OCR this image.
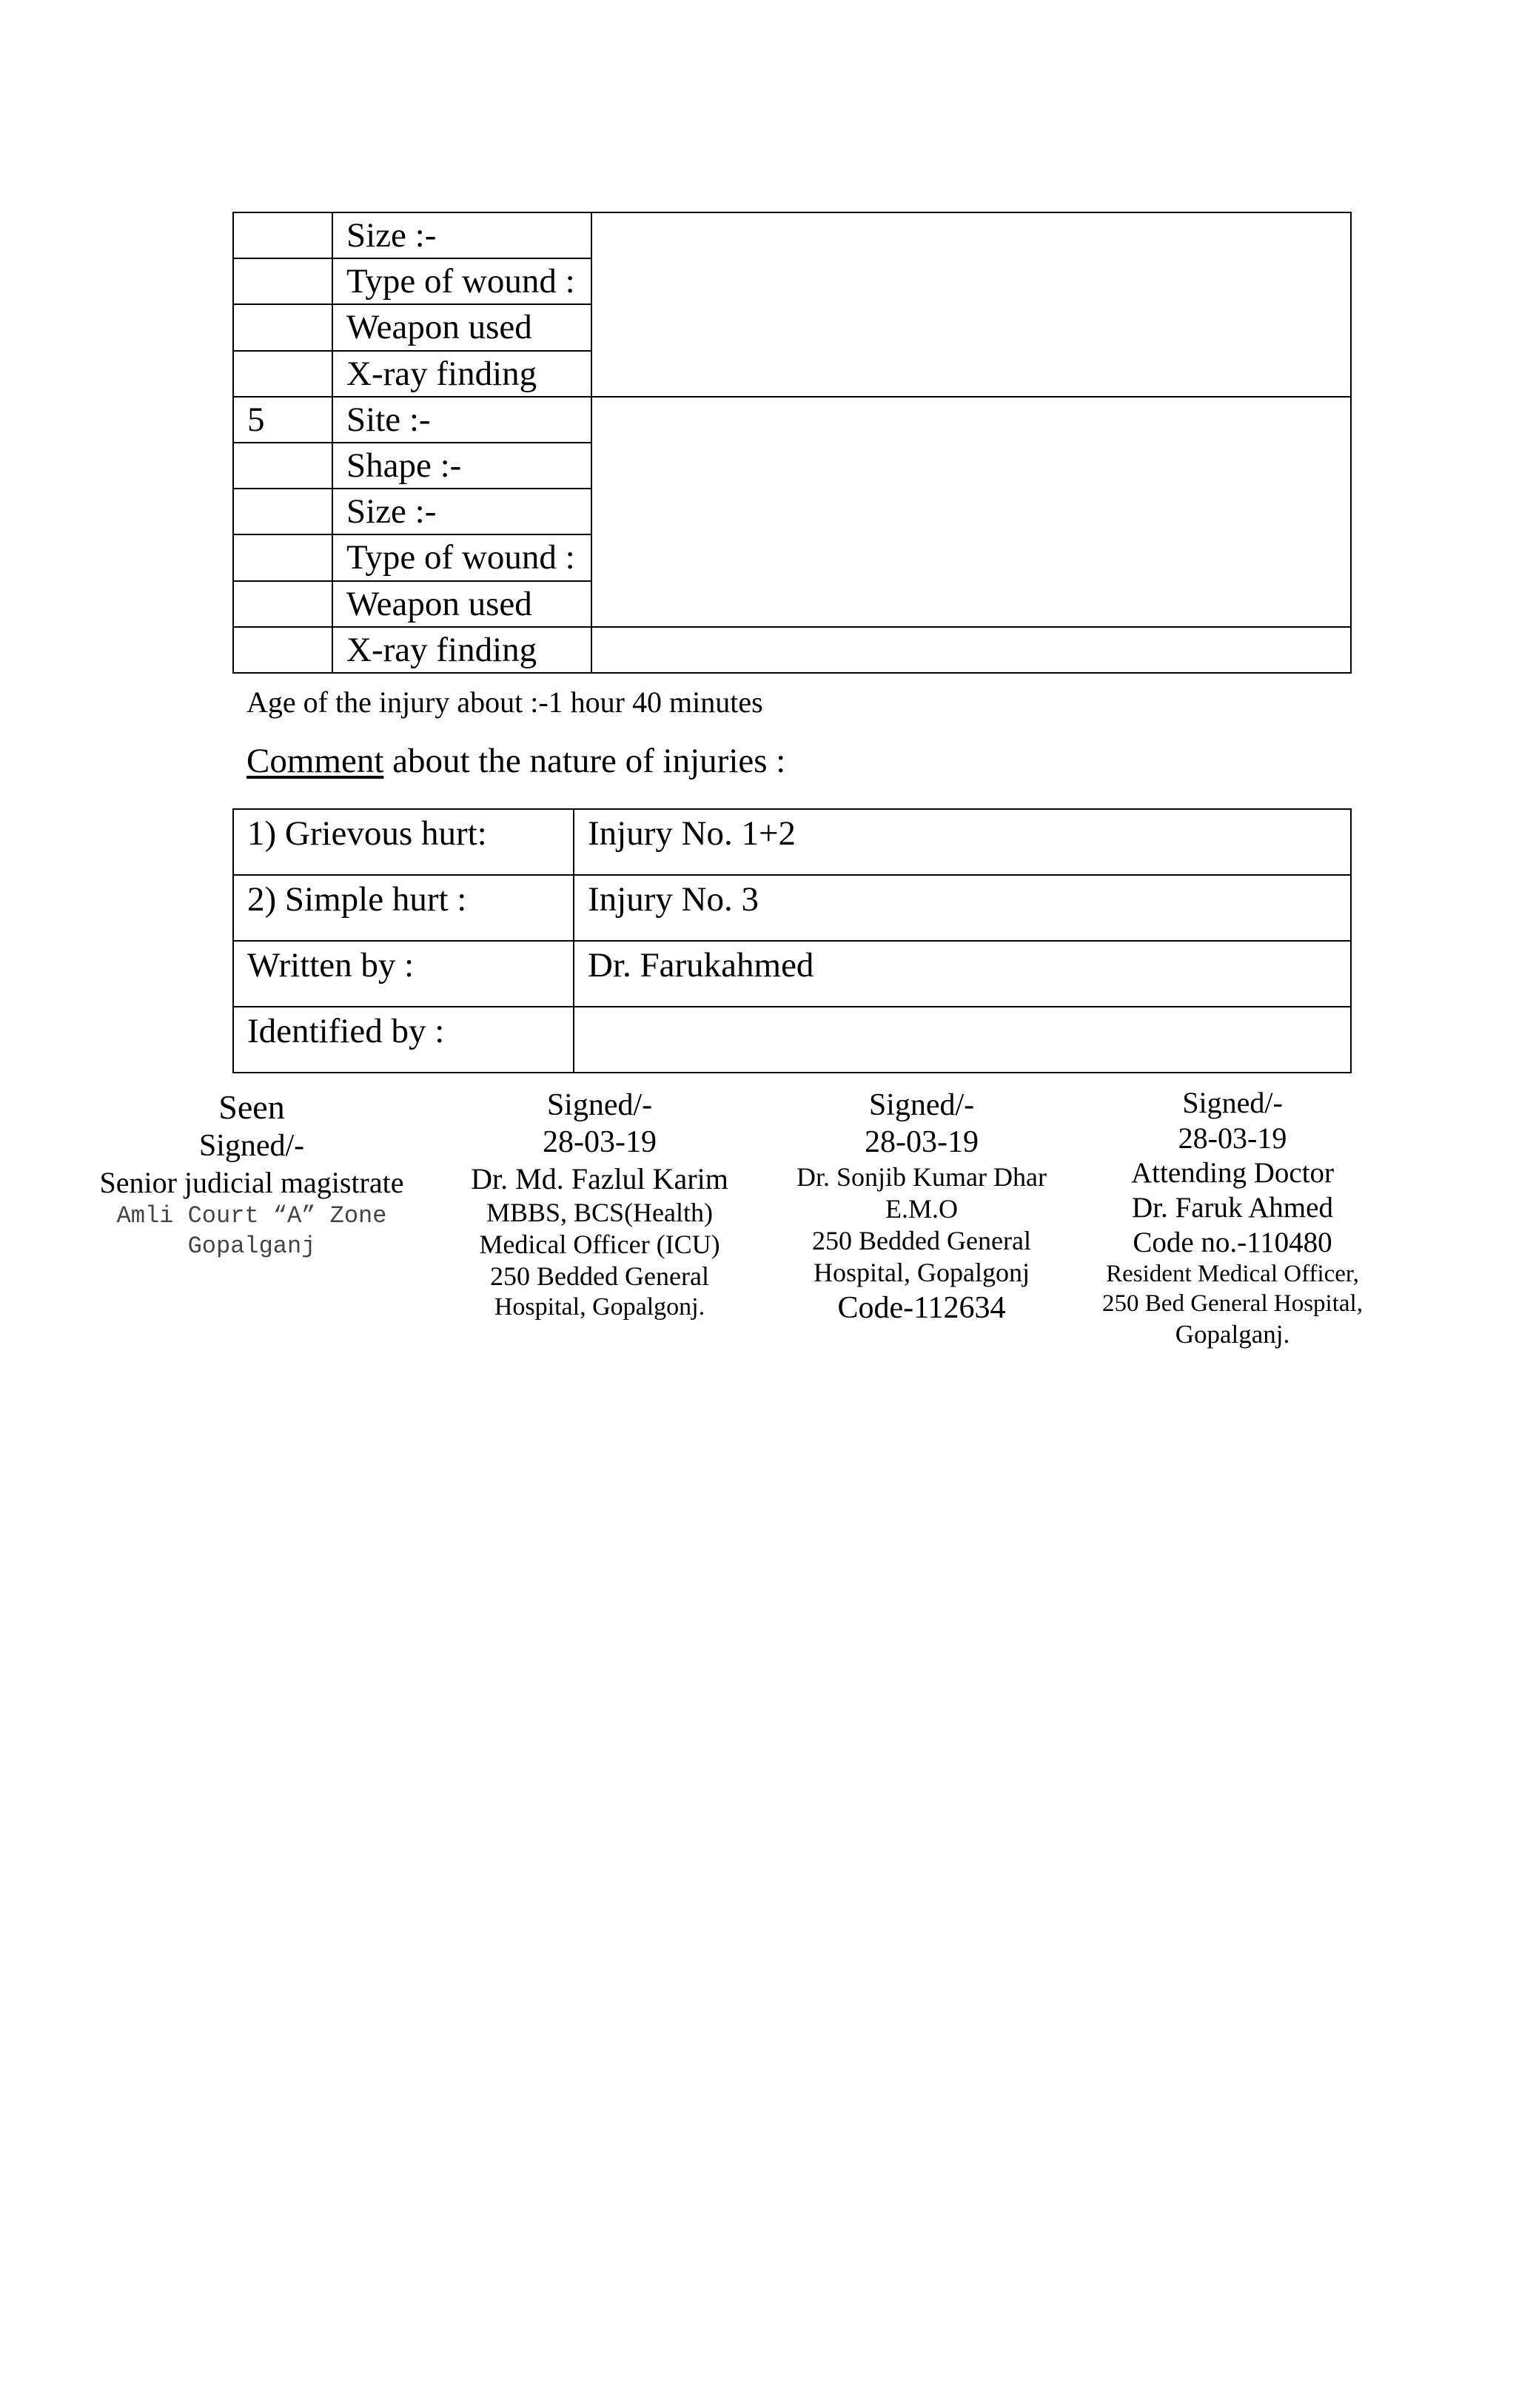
	Size :-	
	Type of wound :	
	Weapon used	
	X-ray finding	
5	Site :-	
	Shape :-	
	Size :-	
	Type of wound :	
	Weapon used	
	X-ray finding	
Age of the injury about :-1 hour 40 minutes
Comment about the nature of injuries :
1) Grievous hurt:	Injury No. 1+2
2) Simple hurt :	Injury No. 3
Written by :	Dr. Farukahmed
Identified by :	
Seen
Signed/-
Senior judicial magistrate
Amli Court “A” Zone
Gopalganj
Signed/-
28-03-19
Dr. Md. Fazlul Karim
MBBS, BCS(Health)
Medical Officer (ICU)
250 Bedded General
Hospital, Gopalgonj.
Signed/-
28-03-19
Dr. Sonjib Kumar Dhar
E.M.O
250 Bedded General
Hospital, Gopalgonj
Code-112634
Signed/-
28-03-19
Attending Doctor
Dr. Faruk Ahmed
Code no.-110480
Resident Medical Officer,
250 Bed General Hospital,
Gopalganj.
